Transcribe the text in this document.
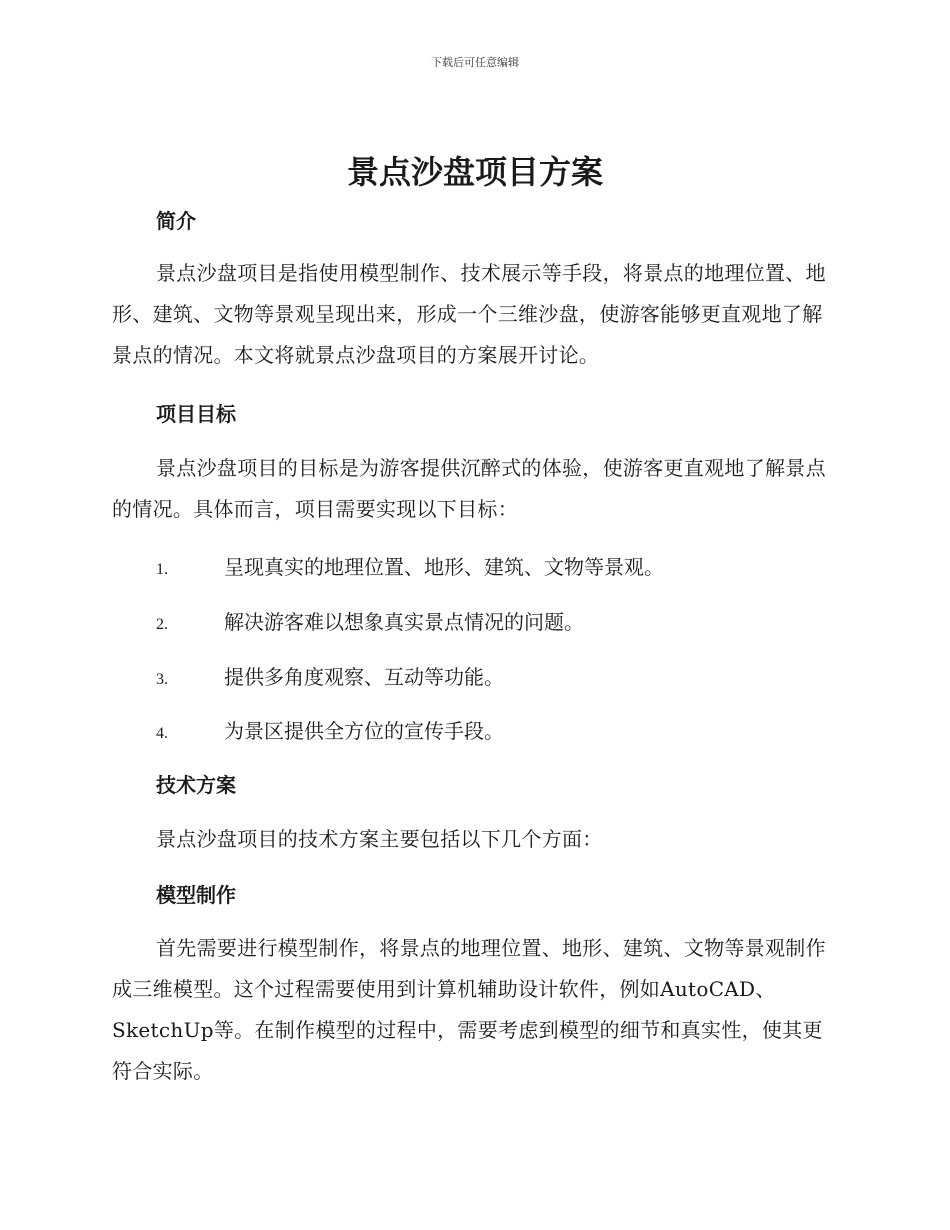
下载后可任意编辑
景点沙盘项目方案
简介

景点沙盘项目是指使用模型制作、技术展示等手段，将景点的地理位置、地形、建筑、文物等景观呈现出来，形成一个三维沙盘，使游客能够更直观地了解景点的情况。本文将就景点沙盘项目的方案展开讨论。

项目目标

景点沙盘项目的目标是为游客提供沉醉式的体验，使游客更直观地了解景点的情况。具体而言，项目需要实现以下目标：

1.	呈现真实的地理位置、地形、建筑、文物等景观。
2.	解决游客难以想象真实景点情况的问题。
3.	提供多角度观察、互动等功能。
4.	为景区提供全方位的宣传手段。
技术方案

景点沙盘项目的技术方案主要包括以下几个方面：

模型制作

首先需要进行模型制作，将景点的地理位置、地形、建筑、文物等景观制作成三维模型。这个过程需要使用到计算机辅助设计软件，例如AutoCAD、SketchUp等。在制作模型的过程中，需要考虑到模型的细节和真实性，使其更符合实际。
